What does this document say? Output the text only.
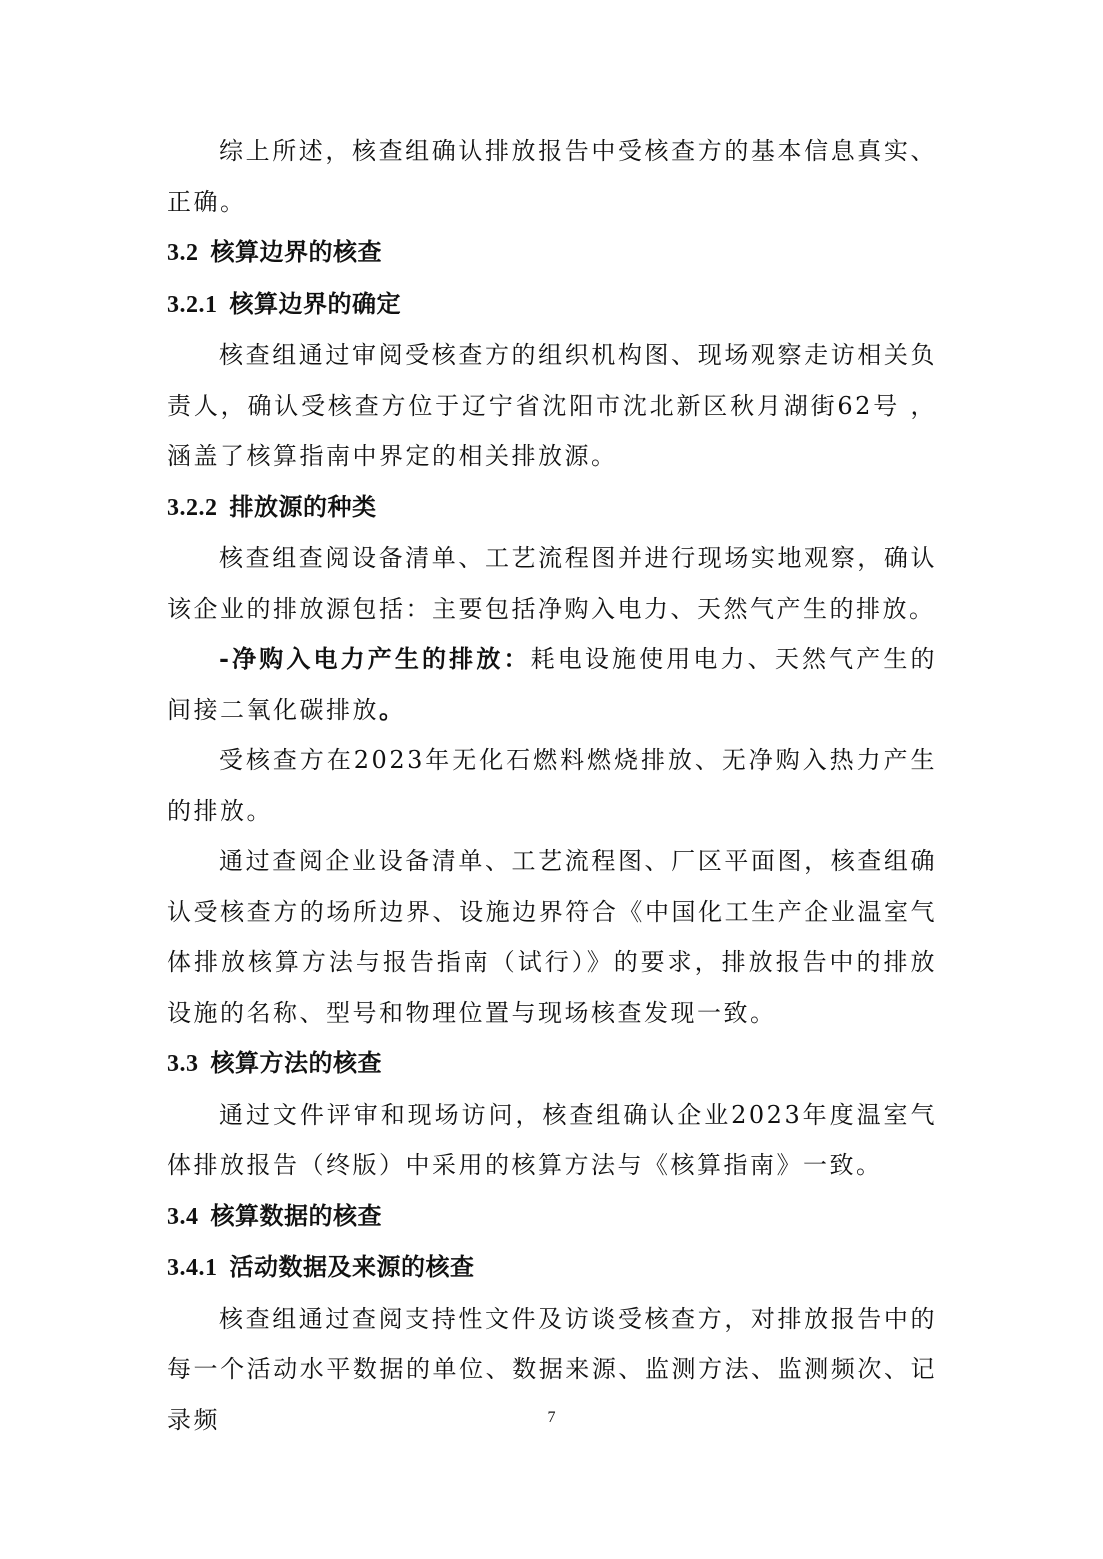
综上所述，核查组确认排放报告中受核查方的基本信息真实、正确。

3.2 核算边界的核查

3.2.1 核算边界的确定

核查组通过审阅受核查方的组织机构图、现场观察走访相关负责人，确认受核查方位于辽宁省沈阳市沈北新区秋月湖街62号 ，涵盖了核算指南中界定的相关排放源。

3.2.2 排放源的种类

核查组查阅设备清单、工艺流程图并进行现场实地观察，确认该企业的排放源包括：主要包括净购入电力、天然气产生的排放。

-净购入电力产生的排放：耗电设施使用电力、天然气产生的间接二氧化碳排放。

受核查方在2023年无化石燃料燃烧排放、无净购入热力产生的排放。

通过查阅企业设备清单、工艺流程图、厂区平面图，核查组确认受核查方的场所边界、设施边界符合《中国化工生产企业温室气体排放核算方法与报告指南（试行）》的要求，排放报告中的排放设施的名称、型号和物理位置与现场核查发现一致。

3.3 核算方法的核查

通过文件评审和现场访问，核查组确认企业2023年度温室气体排放报告（终版）中采用的核算方法与《核算指南》一致。

3.4 核算数据的核查

3.4.1 活动数据及来源的核查

核查组通过查阅支持性文件及访谈受核查方，对排放报告中的每一个活动水平数据的单位、数据来源、监测方法、监测频次、记录频	7
